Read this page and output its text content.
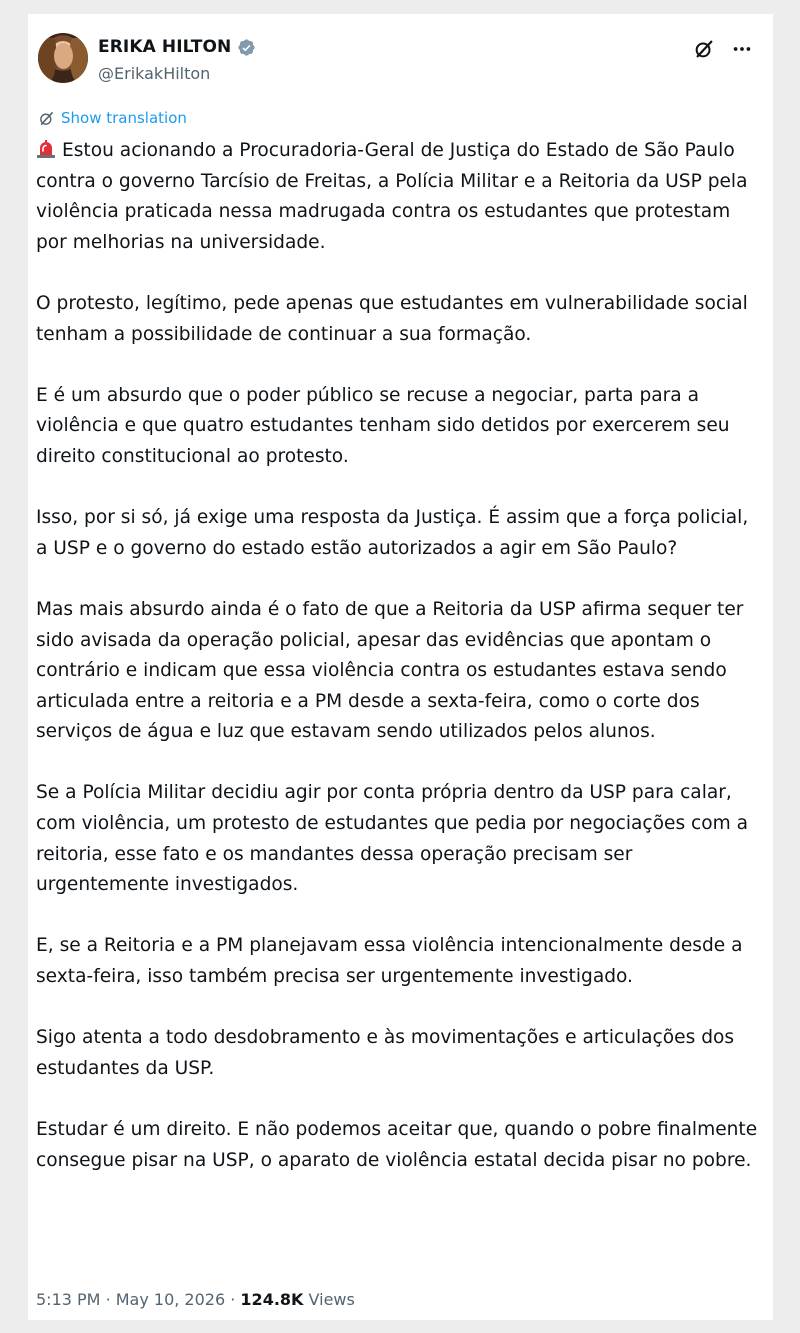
ERIKA HILTON
@ErikakHilton
Show translation

Estou acionando a Procuradoria-Geral de Justiça do Estado de São Paulo contra o governo Tarcísio de Freitas, a Polícia Militar e a Reitoria da USP pela violência praticada nessa madrugada contra os estudantes que protestam por melhorias na universidade.

O protesto, legítimo, pede apenas que estudantes em vulnerabilidade social tenham a possibilidade de continuar a sua formação.

E é um absurdo que o poder público se recuse a negociar, parta para a violência e que quatro estudantes tenham sido detidos por exercerem seu direito constitucional ao protesto.

Isso, por si só, já exige uma resposta da Justiça. É assim que a força policial, a USP e o governo do estado estão autorizados a agir em São Paulo?

Mas mais absurdo ainda é o fato de que a Reitoria da USP afirma sequer ter sido avisada da operação policial, apesar das evidências que apontam o contrário e indicam que essa violência contra os estudantes estava sendo articulada entre a reitoria e a PM desde a sexta-feira, como o corte dos serviços de água e luz que estavam sendo utilizados pelos alunos.

Se a Polícia Militar decidiu agir por conta própria dentro da USP para calar, com violência, um protesto de estudantes que pedia por negociações com a reitoria, esse fato e os mandantes dessa operação precisam ser urgentemente investigados.

E, se a Reitoria e a PM planejavam essa violência intencionalmente desde a sexta-feira, isso também precisa ser urgentemente investigado.

Sigo atenta a todo desdobramento e às movimentações e articulações dos estudantes da USP.

Estudar é um direito. E não podemos aceitar que, quando o pobre finalmente consegue pisar na USP, o aparato de violência estatal decida pisar no pobre.

5:13 PM · May 10, 2026 · 124.8K Views
